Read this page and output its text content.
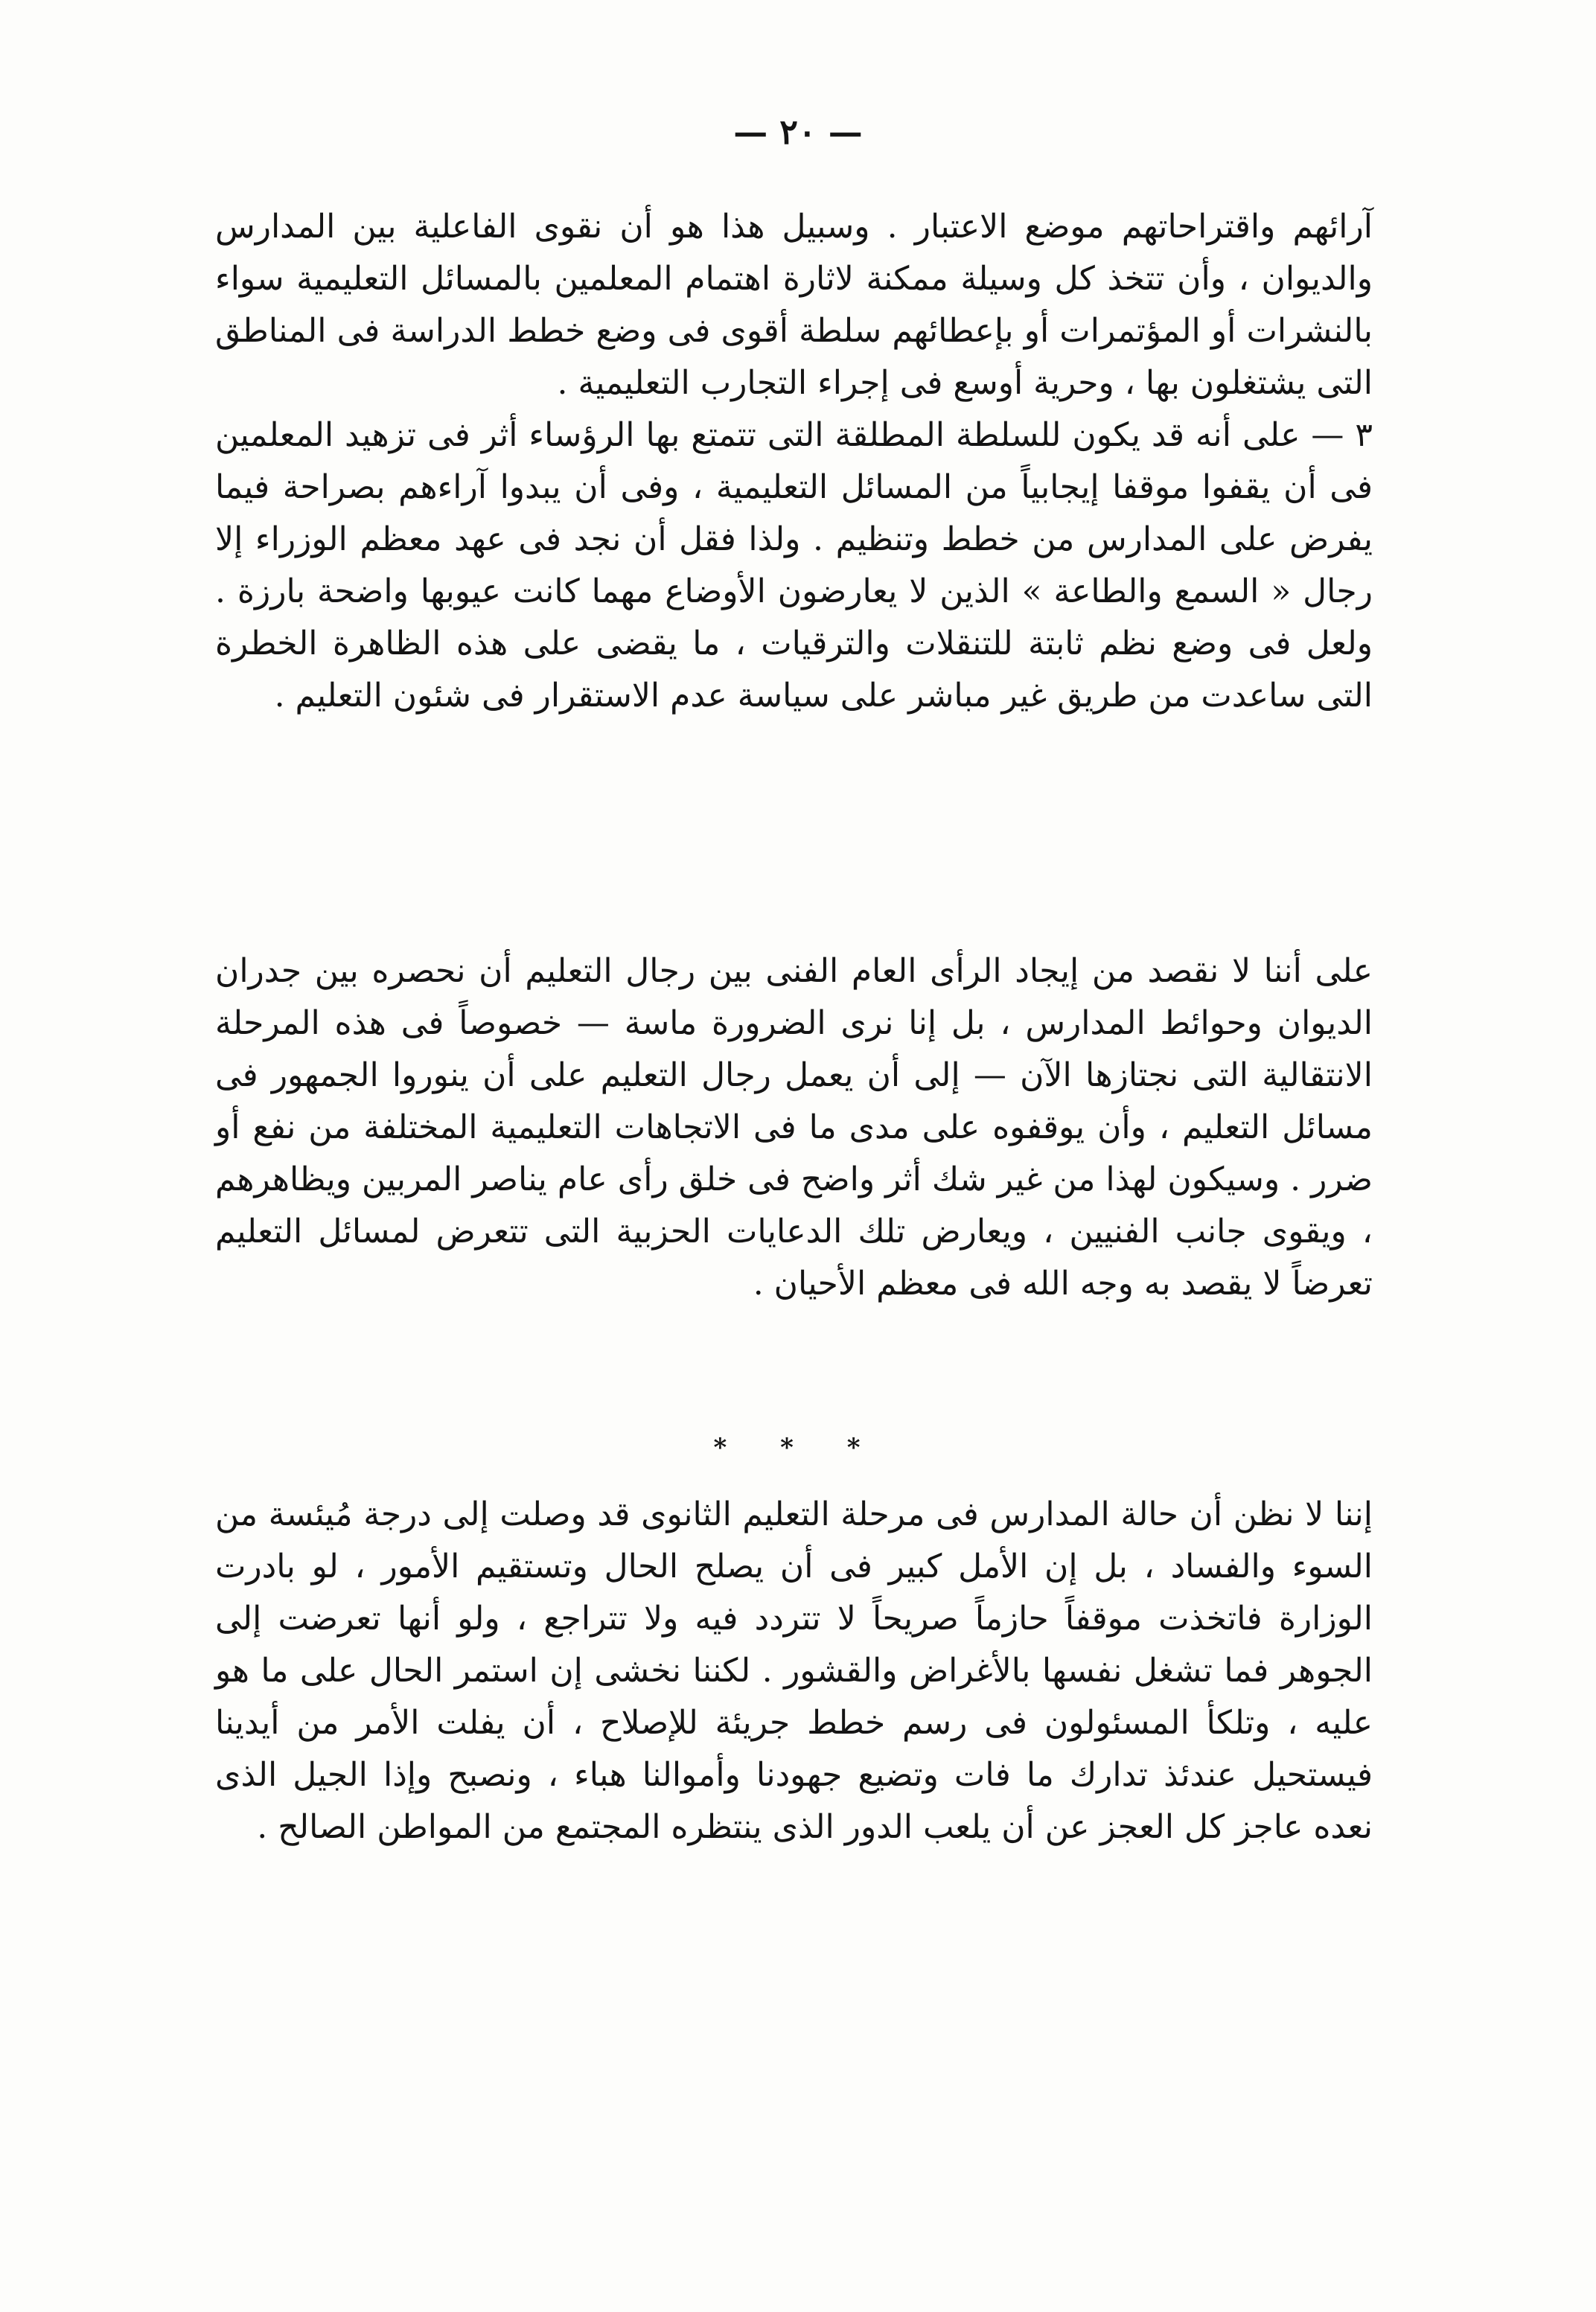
— ٢٠ —

آرائهم واقتراحاتهم موضع الاعتبار . وسبيل هذا هو أن نقوى الفاعلية بين المدارس والديوان ، وأن تتخذ كل وسيلة ممكنة لاثارة اهتمام المعلمين بالمسائل التعليمية سواء بالنشرات أو المؤتمرات أو بإعطائهم سلطة أقوى فى وضع خطط الدراسة فى المناطق التى يشتغلون بها ، وحرية أوسع فى إجراء التجارب التعليمية .

٣ — على أنه قد يكون للسلطة المطلقة التى تتمتع بها الرؤساء أثر فى تزهيد المعلمين فى أن يقفوا موقفا إيجابياً من المسائل التعليمية ، وفى أن يبدوا آراءهم بصراحة فيما يفرض على المدارس من خطط وتنظيم . ولذا فقل أن نجد فى عهد معظم الوزراء إلا رجال « السمع والطاعة » الذين لا يعارضون الأوضاع مهما كانت عيوبها واضحة بارزة . ولعل فى وضع نظم ثابتة للتنقلات والترقيات ، ما يقضى على هذه الظاهرة الخطرة التى ساعدت من طريق غير مباشر على سياسة عدم الاستقرار فى شئون التعليم .

على أننا لا نقصد من إيجاد الرأى العام الفنى بين رجال التعليم أن نحصره بين جدران الديوان وحوائط المدارس ، بل إنا نرى الضرورة ماسة — خصوصاً فى هذه المرحلة الانتقالية التى نجتازها الآن — إلى أن يعمل رجال التعليم على أن ينوروا الجمهور فى مسائل التعليم ، وأن يوقفوه على مدى ما فى الاتجاهات التعليمية المختلفة من نفع أو ضرر . وسيكون لهذا من غير شك أثر واضح فى خلق رأى عام يناصر المربين ويظاهرهم ، ويقوى جانب الفنيين ، ويعارض تلك الدعايات الحزبية التى تتعرض لمسائل التعليم تعرضاً لا يقصد به وجه الله فى معظم الأحيان .

* * *

إننا لا نظن أن حالة المدارس فى مرحلة التعليم الثانوى قد وصلت إلى درجة مُيئسة من السوء والفساد ، بل إن الأمل كبير فى أن يصلح الحال وتستقيم الأمور ، لو بادرت الوزارة فاتخذت موقفاً حازماً صريحاً لا تتردد فيه ولا تتراجع ، ولو أنها تعرضت إلى الجوهر فما تشغل نفسها بالأغراض والقشور . لكننا نخشى إن استمر الحال على ما هو عليه ، وتلكأ المسئولون فى رسم خطط جريئة للإصلاح ، أن يفلت الأمر من أيدينا فيستحيل عندئذ تدارك ما فات وتضيع جهودنا وأموالنا هباء ، ونصبح وإذا الجيل الذى نعده عاجز كل العجز عن أن يلعب الدور الذى ينتظره المجتمع من المواطن الصالح .
